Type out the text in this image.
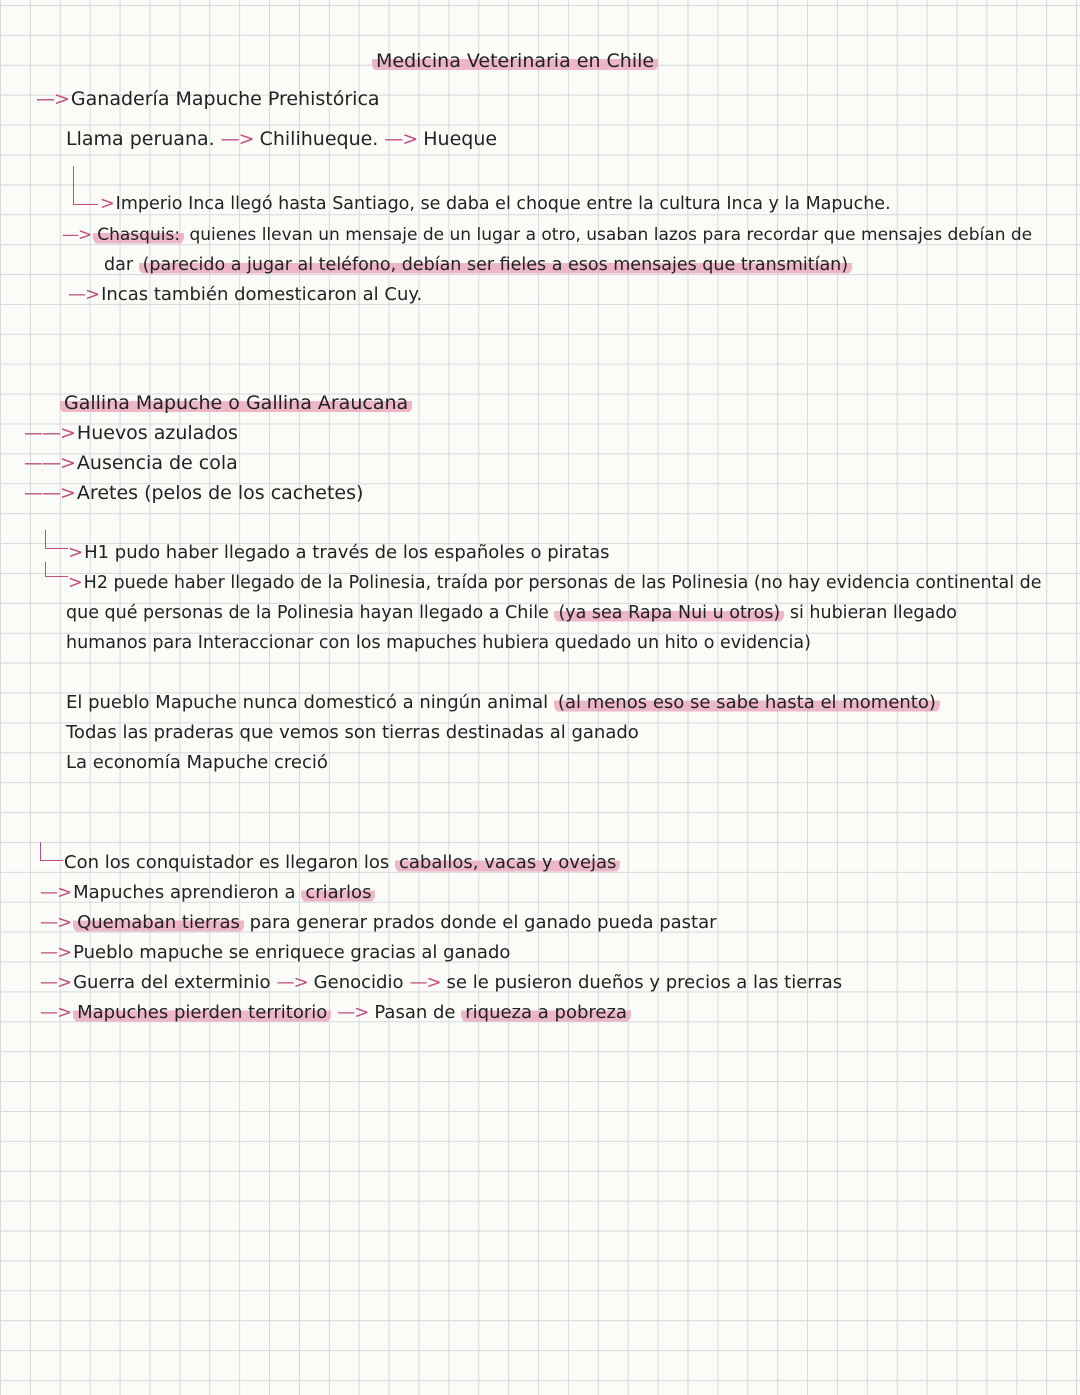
Medicina Veterinaria en Chile
—> Ganadería Mapuche Prehistórica
Llama peruana. —> Chilihueque. —> Hueque
> Imperio Inca llegó hasta Santiago, se daba el choque entre la cultura Inca y la Mapuche.
—> Chasquis: quienes llevan un mensaje de un lugar a otro, usaban lazos para recordar que mensajes debían de
dar (parecido a jugar al teléfono, debían ser fieles a esos mensajes que transmitían)
—> Incas también domesticaron al Cuy.
Gallina Mapuche o Gallina Araucana
——> Huevos azulados
——> Ausencia de cola
——> Aretes (pelos de los cachetes)
> H1 pudo haber llegado a través de los españoles o piratas
> H2 puede haber llegado de la Polinesia, traída por personas de las Polinesia (no hay evidencia continental de
que qué personas de la Polinesia hayan llegado a Chile (ya sea Rapa Nui u otros) si hubieran llegado
humanos para Interaccionar con los mapuches hubiera quedado un hito o evidencia)
El pueblo Mapuche nunca domesticó a ningún animal (al menos eso se sabe hasta el momento)
Todas las praderas que vemos son tierras destinadas al ganado
La economía Mapuche creció
Con los conquistador es llegaron los caballos, vacas y ovejas
—> Mapuches aprendieron a criarlos
—> Quemaban tierras para generar prados donde el ganado pueda pastar
—> Pueblo mapuche se enriquece gracias al ganado
—> Guerra del exterminio —> Genocidio —> se le pusieron dueños y precios a las tierras
—> Mapuches pierden territorio —> Pasan de riqueza a pobreza
